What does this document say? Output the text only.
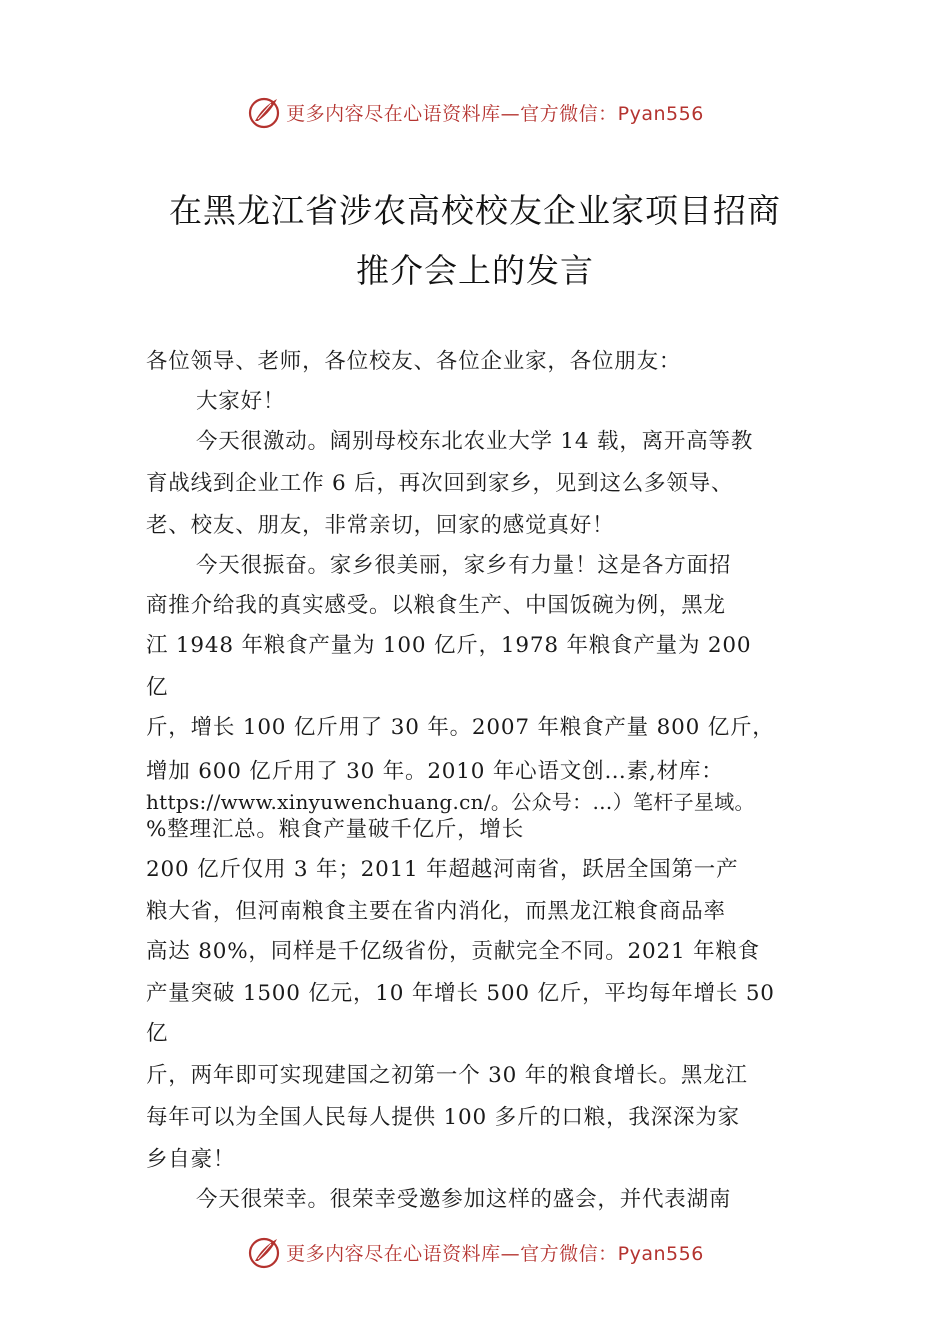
更多内容尽在心语资料库—官方微信：Pyan556
在黑龙江省涉农高校校友企业家项目招商
推介会上的发言
各位领导、老师，各位校友、各位企业家，各位朋友：
大家好！
今天很激动。阔别母校东北农业大学 14 载，离开高等教
育战线到企业工作 6 后，再次回到家乡，见到这么多领导、
老、校友、朋友，非常亲切，回家的感觉真好！
今天很振奋。家乡很美丽，家乡有力量！这是各方面招
商推介给我的真实感受。以粮食生产、中国饭碗为例，黑龙
江 1948 年粮食产量为 100 亿斤，1978 年粮食产量为 200
亿
斤，增长 100 亿斤用了 30 年。2007 年粮食产量 800 亿斤，
增加 600 亿斤用了 30 年。2010 年心语文创…素,材库：
https://www.xinyuwenchuang.cn/。公众号：…）笔杆子星域。
%整理汇总。粮食产量破千亿斤，增长
200 亿斤仅用 3 年；2011 年超越河南省，跃居全国第一产
粮大省，但河南粮食主要在省内消化，而黑龙江粮食商品率
高达 80%，同样是千亿级省份，贡献完全不同。2021 年粮食
产量突破 1500 亿元，10 年增长 500 亿斤，平均每年增长 50
亿
斤，两年即可实现建国之初第一个 30 年的粮食增长。黑龙江
每年可以为全国人民每人提供 100 多斤的口粮，我深深为家
乡自豪！
今天很荣幸。很荣幸受邀参加这样的盛会，并代表湖南
更多内容尽在心语资料库—官方微信：Pyan556
